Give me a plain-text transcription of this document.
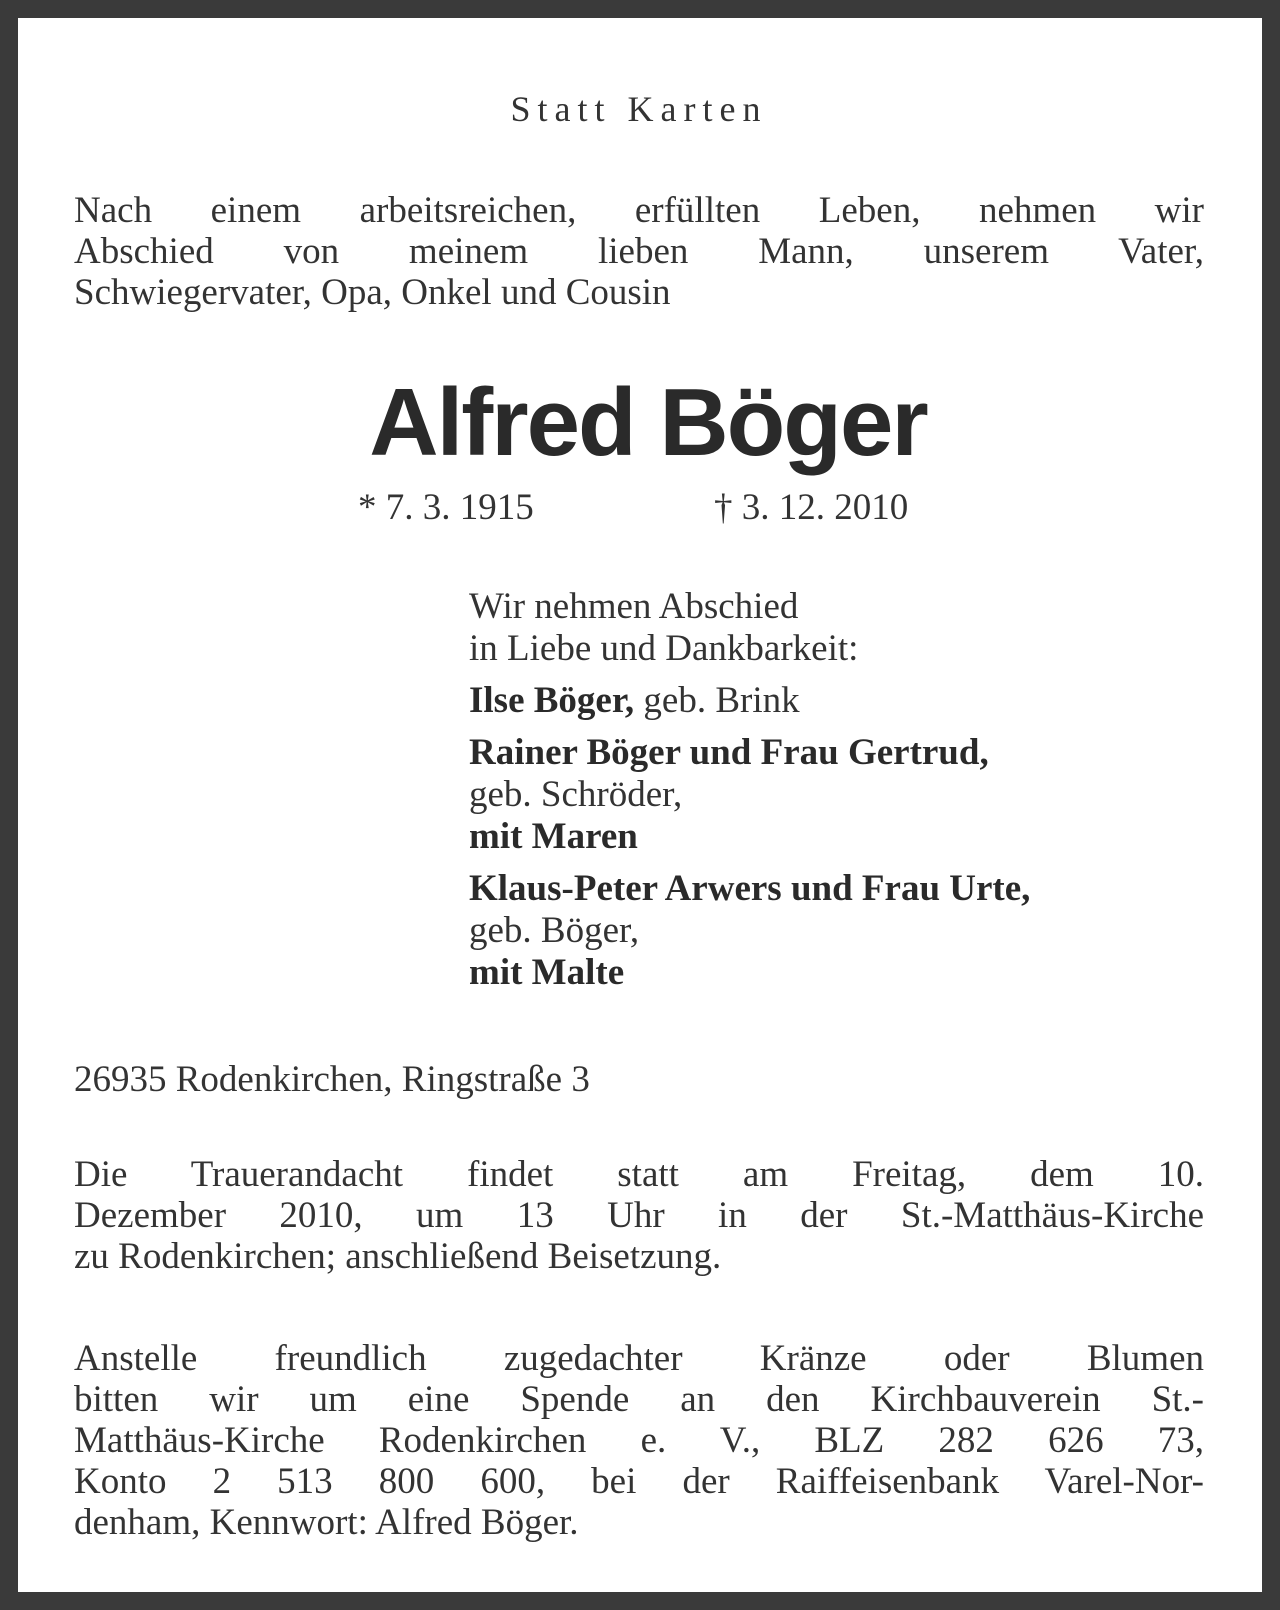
Statt Karten
Nach einem arbeitsreichen, erfüllten Leben, nehmen wir
Abschied von meinem lieben Mann, unserem Vater,
Schwiegervater, Opa, Onkel und Cousin
Alfred Böger
* 7. 3. 1915	† 3. 12. 2010
Wir nehmen Abschied
in Liebe und Dankbarkeit:
Ilse Böger, geb. Brink
Rainer Böger und Frau Gertrud,
geb. Schröder,
mit Maren
Klaus-Peter Arwers und Frau Urte,
geb. Böger,
mit Malte
26935 Rodenkirchen, Ringstraße 3
Die Trauerandacht findet statt am Freitag, dem 10.
Dezember 2010, um 13 Uhr in der St.-Matthäus-Kirche
zu Rodenkirchen; anschließend Beisetzung.
Anstelle freundlich zugedachter Kränze oder Blumen
bitten wir um eine Spende an den Kirchbauverein St.-
Matthäus-Kirche Rodenkirchen e. V., BLZ 282 626 73,
Konto 2 513 800 600, bei der Raiffeisenbank Varel-Nor-
denham, Kennwort: Alfred Böger.
